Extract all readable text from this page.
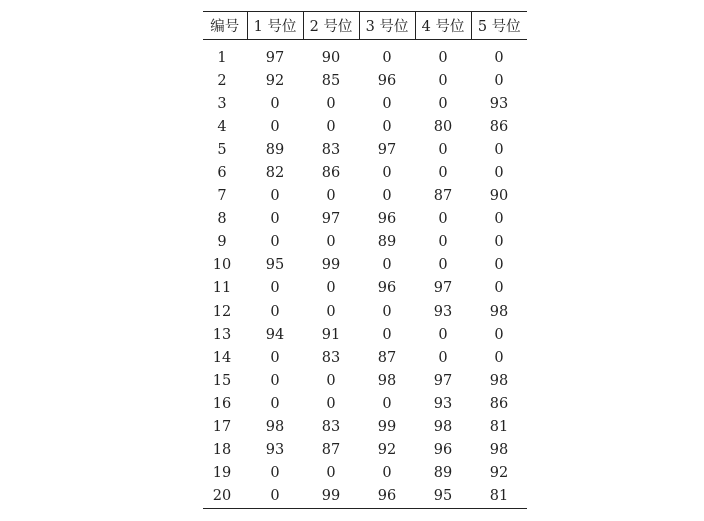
编号	1 号位	2 号位	3 号位	4 号位	5 号位
1	97	90	0	0	0
2	92	85	96	0	0
3	0	0	0	0	93
4	0	0	0	80	86
5	89	83	97	0	0
6	82	86	0	0	0
7	0	0	0	87	90
8	0	97	96	0	0
9	0	0	89	0	0
10	95	99	0	0	0
11	0	0	96	97	0
12	0	0	0	93	98
13	94	91	0	0	0
14	0	83	87	0	0
15	0	0	98	97	98
16	0	0	0	93	86
17	98	83	99	98	81
18	93	87	92	96	98
19	0	0	0	89	92
20	0	99	96	95	81
